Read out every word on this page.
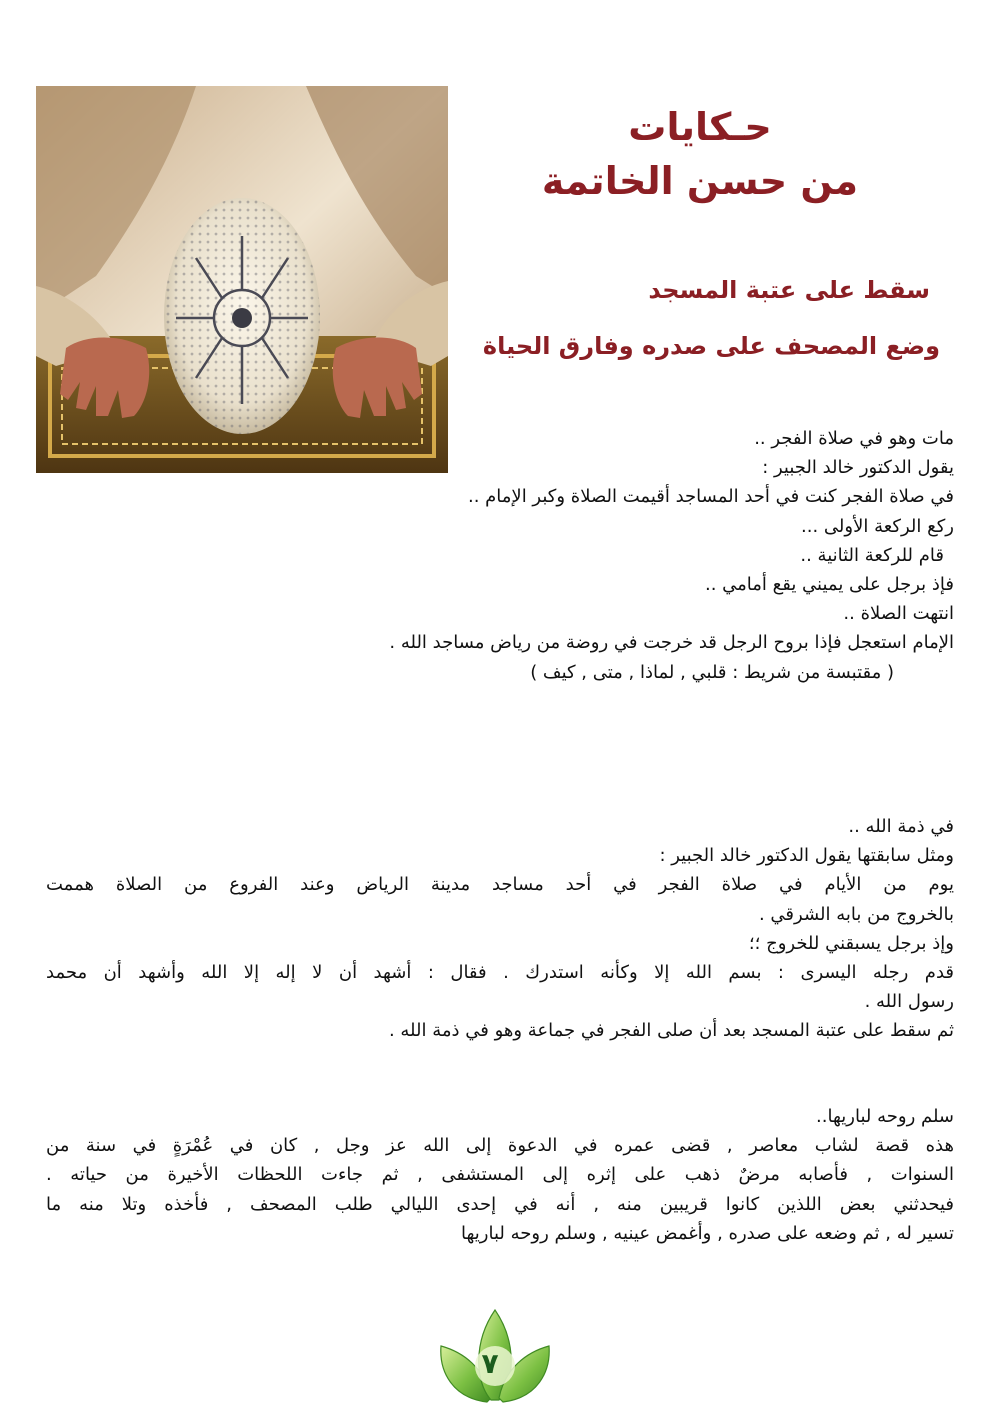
حـكايات
من حسن الخاتمة
سقط على عتبة المسجد
وضع المصحف على صدره وفارق الحياة
مات وهو في صلاة الفجر ..
يقول الدكتور خالد الجبير :
في صلاة الفجر كنت في أحد المساجد أقيمت الصلاة وكبر الإمام ..
ركع الركعة الأولى ...
قام للركعة الثانية ..
فإذ برجل على يميني يقع أمامي ..
انتهت الصلاة ..
الإمام استعجل فإذا بروح الرجل قد خرجت في روضة من رياض مساجد الله .
( مقتبسة من شريط : قلبي , لماذا , متى , كيف )
في ذمة الله ..
ومثل سابقتها يقول الدكتور خالد الجبير :
يوم من الأيام في صلاة الفجر في أحد مساجد مدينة الرياض وعند الفروع من الصلاة هممت
بالخروج من بابه الشرقي .
وإذ برجل يسبقني للخروج ؛؛
قدم رجله اليسرى : بسم الله إلا وكأنه استدرك . فقال : أشهد أن لا إله إلا الله وأشهد أن محمد
رسول الله .
ثم سقط على عتبة المسجد بعد أن صلى الفجر في جماعة وهو في ذمة الله .
سلم روحه لباريها..
هذه قصة لشاب معاصر , قضى عمره في الدعوة إلى الله عز وجل , كان في عُمْرَةٍ في سنة من
السنوات , فأصابه مرضٌ ذهب على إثره إلى المستشفى , ثم جاءت اللحظات الأخيرة من حياته .
فيحدثني بعض اللذين كانوا قريبين منه , أنه في إحدى الليالي طلب المصحف , فأخذه وتلا منه ما
تسير له , ثم وضعه على صدره , وأغمض عينيه , وسلم روحه لباريها
٧
